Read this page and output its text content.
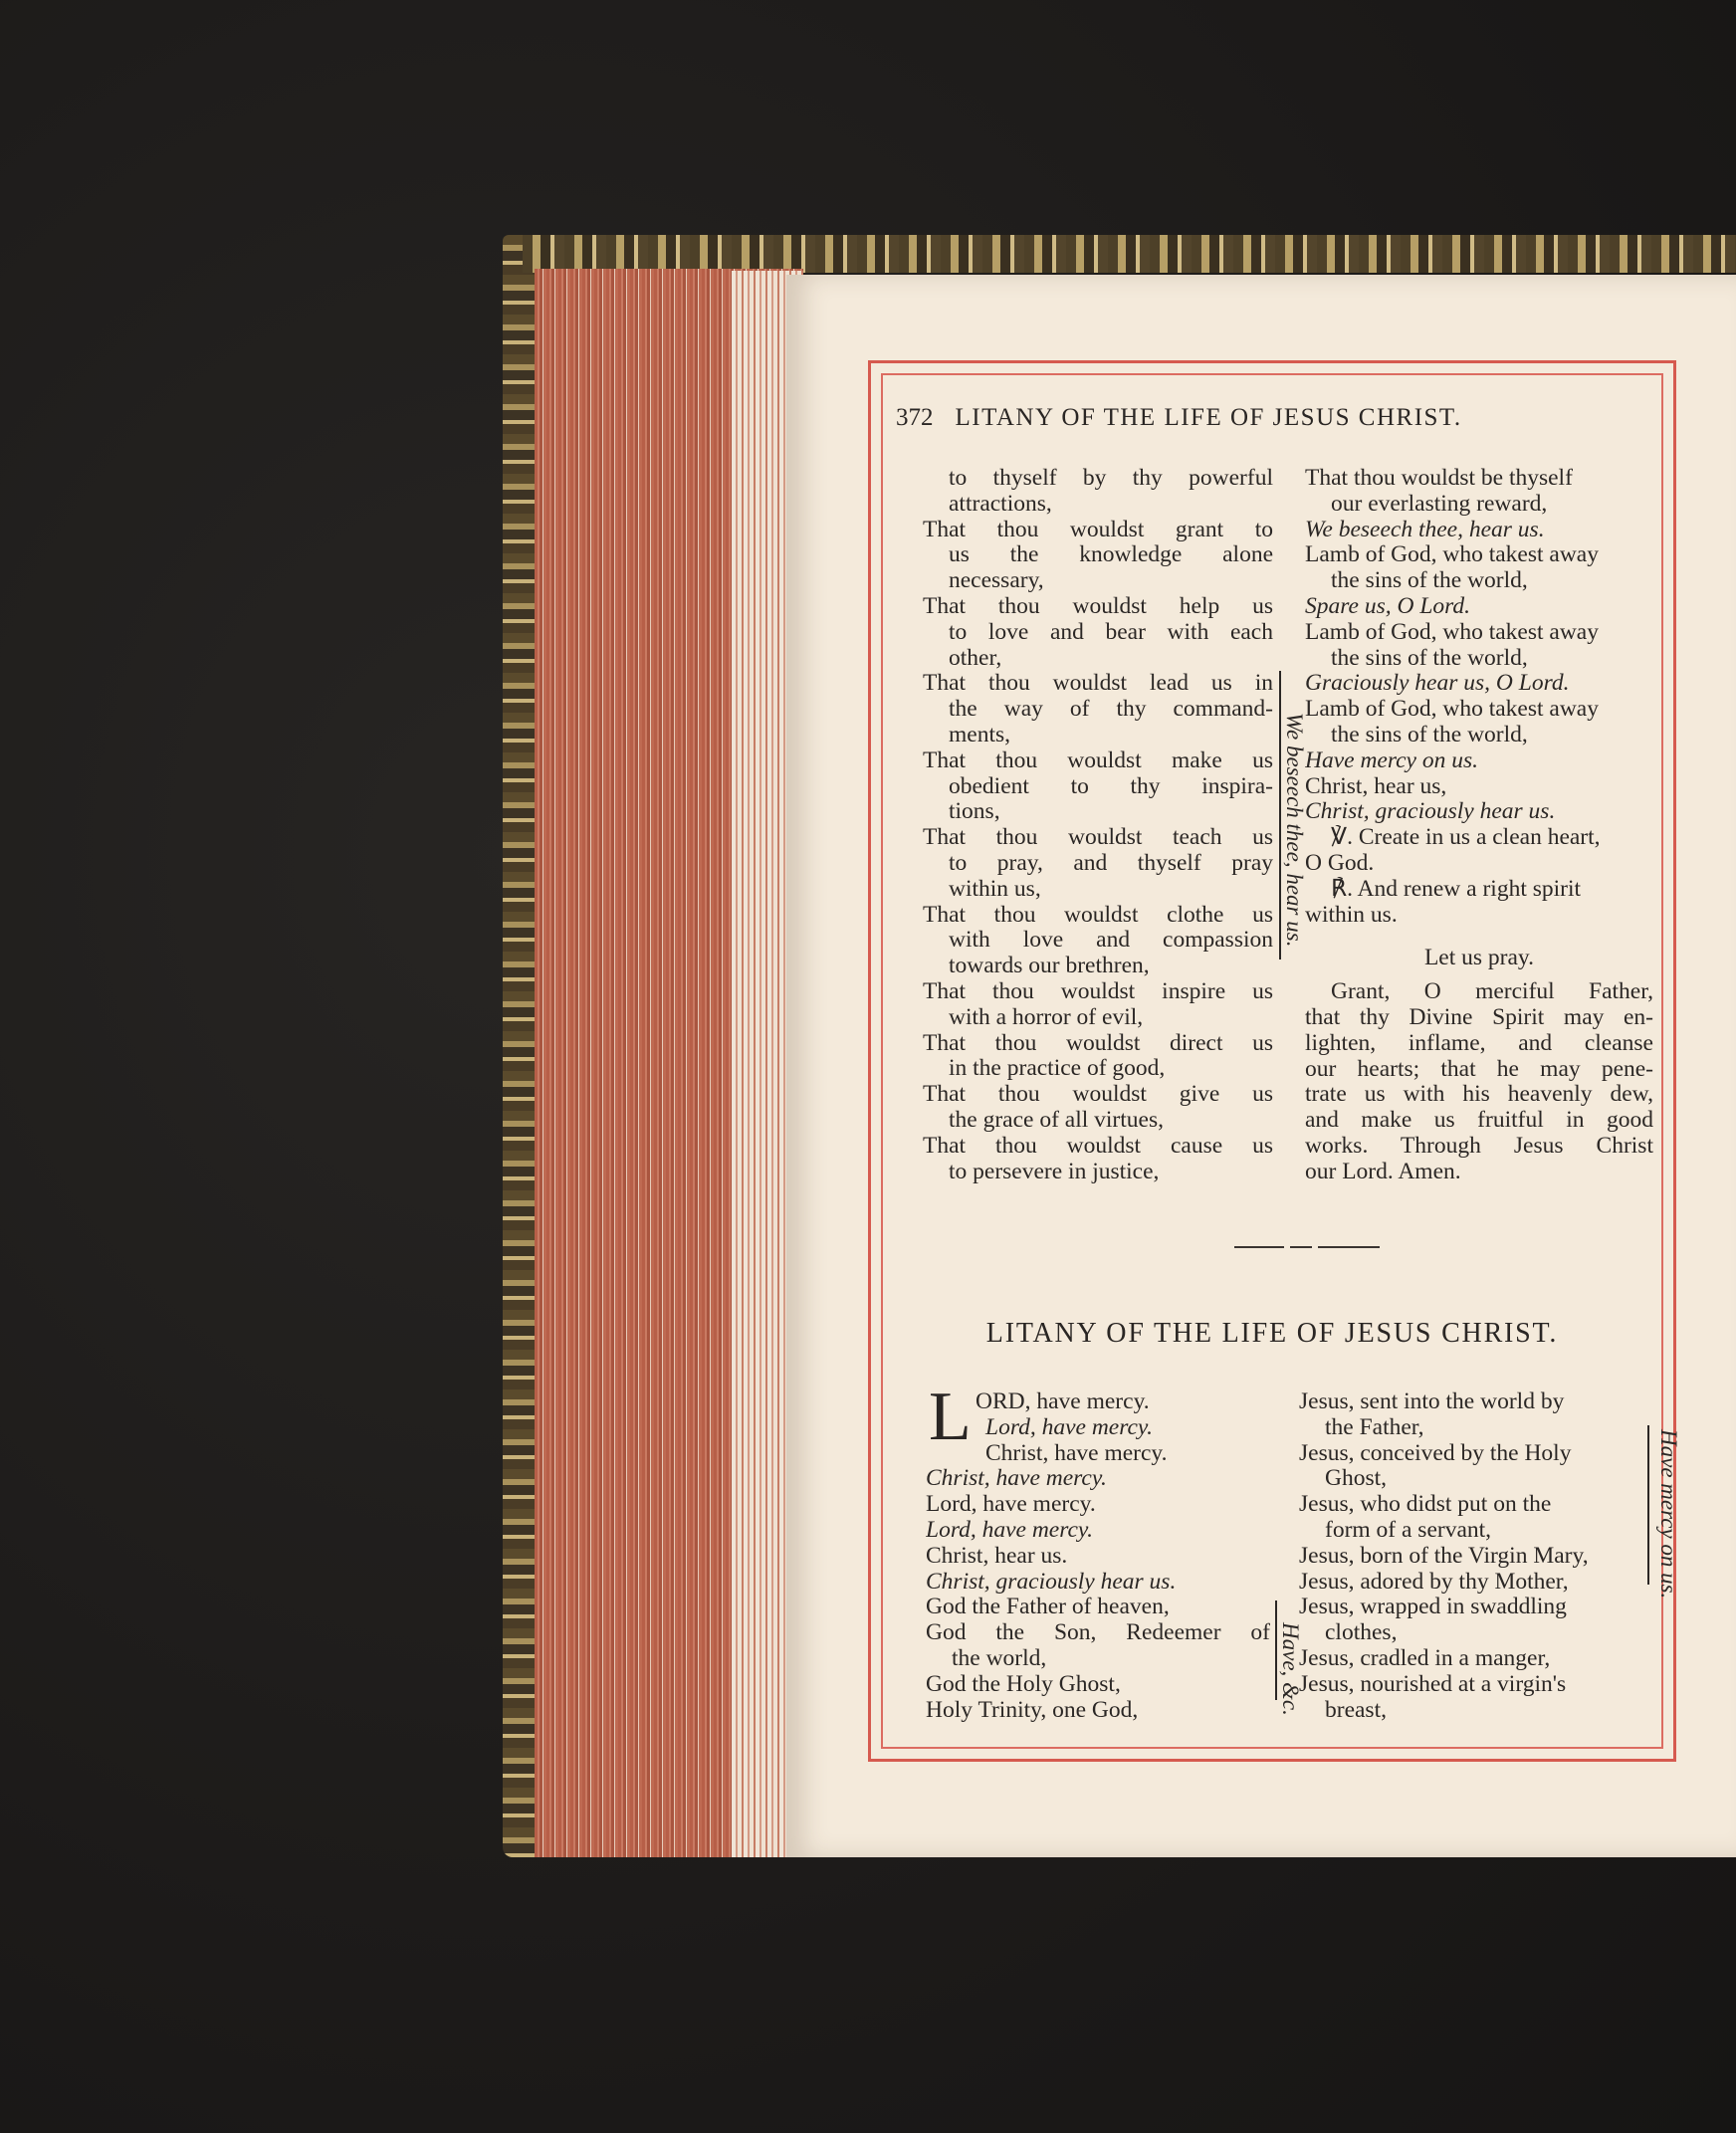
372 LITANY OF THE LIFE OF JESUS CHRIST.
to thyself by thy powerful
attractions,
That thou wouldst grant to
us the knowledge alone
necessary,
That thou wouldst help us
to love and bear with each
other,
That thou wouldst lead us in
the way of thy command-
ments,
That thou wouldst make us
obedient to thy inspira-
tions,
That thou wouldst teach us
to pray, and thyself pray
within us,
That thou wouldst clothe us
with love and compassion
towards our brethren,
That thou wouldst inspire us
with a horror of evil,
That thou wouldst direct us
in the practice of good,
That thou wouldst give us
the grace of all virtues,
That thou wouldst cause us
to persevere in justice,
We beseech thee, hear us.
That thou wouldst be thyself
our everlasting reward,
We beseech thee, hear us.
Lamb of God, who takest away
the sins of the world,
Spare us, O Lord.
Lamb of God, who takest away
the sins of the world,
Graciously hear us, O Lord.
Lamb of God, who takest away
the sins of the world,
Have mercy on us.
Christ, hear us,
Christ, graciously hear us.
℣. Create in us a clean heart,
O God.
℟. And renew a right spirit
within us.
Let us pray.
Grant, O merciful Father,
that thy Divine Spirit may en-
lighten, inflame, and cleanse
our hearts; that he may pene-
trate us with his heavenly dew,
and make us fruitful in good
works. Through Jesus Christ
our Lord. Amen.
LITANY OF THE LIFE OF JESUS CHRIST.
L ORD, have mercy.
Lord, have mercy.
Christ, have mercy.
Christ, have mercy.
Lord, have mercy.
Lord, have mercy.
Christ, hear us.
Christ, graciously hear us.
God the Father of heaven,
God the Son, Redeemer of
the world,
God the Holy Ghost,
Holy Trinity, one God,	Have, &c.
Jesus, sent into the world by
the Father,
Jesus, conceived by the Holy
Ghost,
Jesus, who didst put on the
form of a servant,
Jesus, born of the Virgin Mary,
Jesus, adored by thy Mother,
Jesus, wrapped in swaddling
clothes,
Jesus, cradled in a manger,
Jesus, nourished at a virgin's
breast,
Have mercy on us.
